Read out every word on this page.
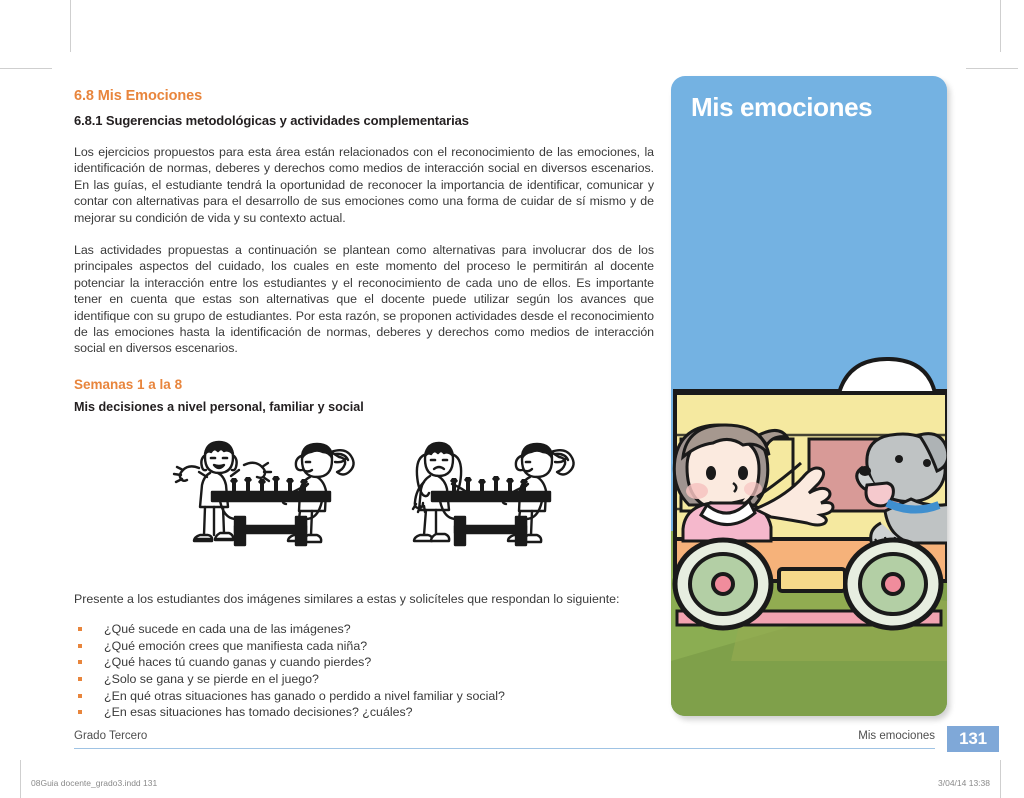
6.8 Mis Emociones
6.8.1 Sugerencias metodológicas y actividades complementarias

Los ejercicios propuestos para esta área están relacionados con el reconocimiento de las emociones, la identificación de normas, deberes y derechos como medios de interacción social en diversos escenarios. En las guías, el estudiante tendrá la oportunidad de reconocer la importancia de identificar, comunicar y contar con alternativas para el desarrollo de sus emociones como una forma de cuidar de sí mismo y de mejorar su condición de vida y su contexto actual.

Las actividades propuestas a continuación se plantean como alternativas para involucrar dos de los principales aspectos del cuidado, los cuales en este momento del proceso le permitirán al docente potenciar la interacción entre los estudiantes y el reconocimiento de cada uno de ellos. Es importante tener en cuenta que estas son alternativas que el docente puede utilizar según los avances que identifique con su grupo de estudiantes. Por esta razón, se proponen actividades desde el reconocimiento de las emociones hasta la identificación de normas, deberes y derechos como medios de interacción social en diversos escenarios.

Semanas 1 a la 8
Mis decisiones a nivel personal, familiar y social

Presente a los estudiantes dos imágenes similares a estas y solicíteles que respondan lo siguiente:

¿Qué sucede en cada una de las imágenes?
¿Qué emoción crees que manifiesta cada niña?
¿Qué haces tú cuando ganas y cuando pierdes?
¿Solo se gana y se pierde en el juego?
¿En qué otras situaciones has ganado o perdido a nivel familiar y social?
¿En esas situaciones has tomado decisiones? ¿cuáles?
Mis emociones
Grado Tercero	Mis emociones	131
08Guia docente_grado3.indd 131	3/04/14 13:38
